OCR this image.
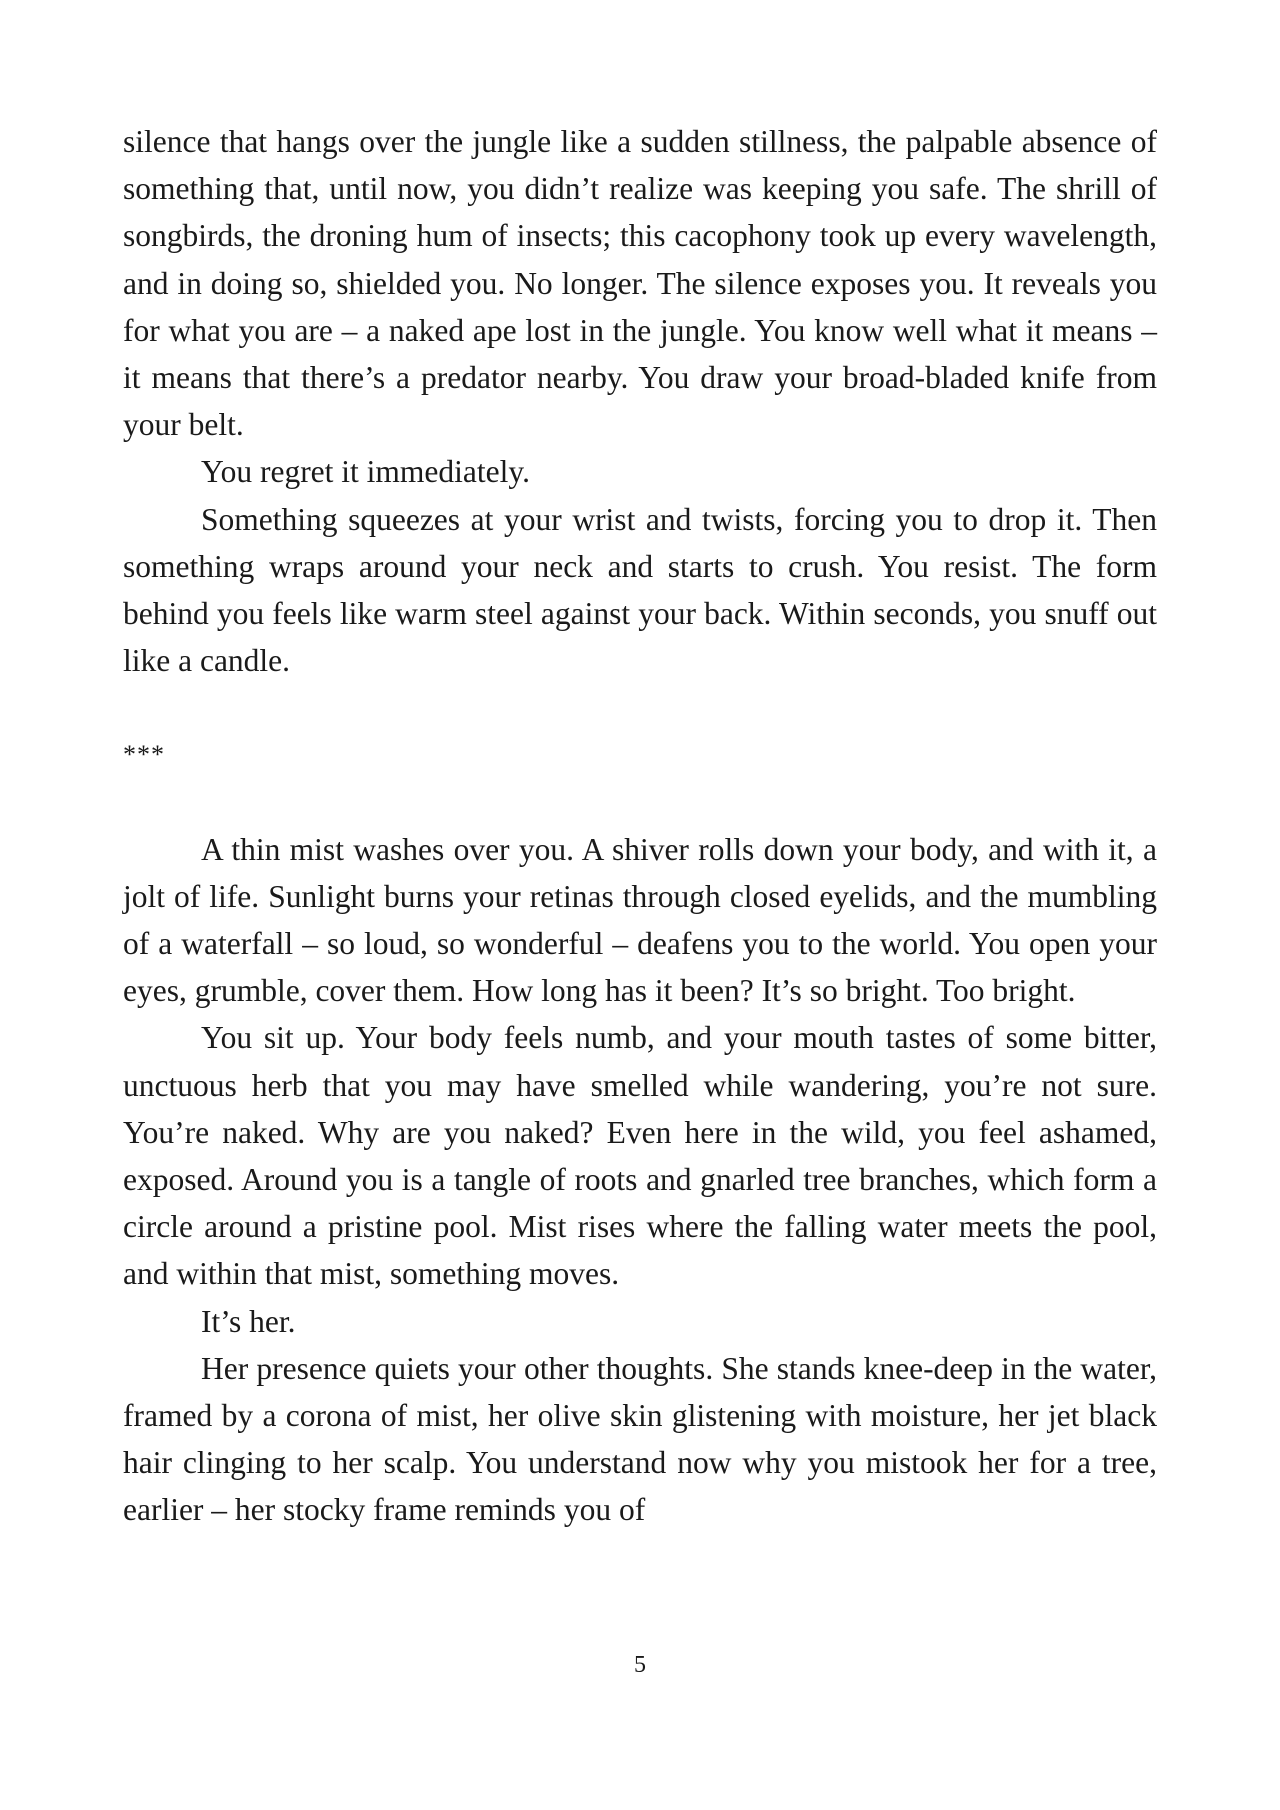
silence that hangs over the jungle like a sudden stillness, the palpable absence of something that, until now, you didn’t realize was keeping you safe. The shrill of songbirds, the droning hum of insects; this cacophony took up every wavelength, and in doing so, shielded you. No longer. The silence exposes you. It reveals you for what you are – a naked ape lost in the jungle. You know well what it means – it means that there’s a predator nearby. You draw your broad-bladed knife from your belt.

You regret it immediately.

Something squeezes at your wrist and twists, forcing you to drop it. Then something wraps around your neck and starts to crush. You resist. The form behind you feels like warm steel against your back. Within seconds, you snuff out like a candle.

***

A thin mist washes over you. A shiver rolls down your body, and with it, a jolt of life. Sunlight burns your retinas through closed eyelids, and the mumbling of a waterfall – so loud, so wonderful – deafens you to the world. You open your eyes, grumble, cover them. How long has it been? It’s so bright. Too bright.

You sit up. Your body feels numb, and your mouth tastes of some bitter, unctuous herb that you may have smelled while wandering, you’re not sure. You’re naked. Why are you naked? Even here in the wild, you feel ashamed, exposed. Around you is a tangle of roots and gnarled tree branches, which form a circle around a pristine pool. Mist rises where the falling water meets the pool, and within that mist, something moves.

It’s her.

Her presence quiets your other thoughts. She stands knee-deep in the water, framed by a corona of mist, her olive skin glistening with moisture, her jet black hair clinging to her scalp. You understand now why you mistook her for a tree, earlier – her stocky frame reminds you of

5
